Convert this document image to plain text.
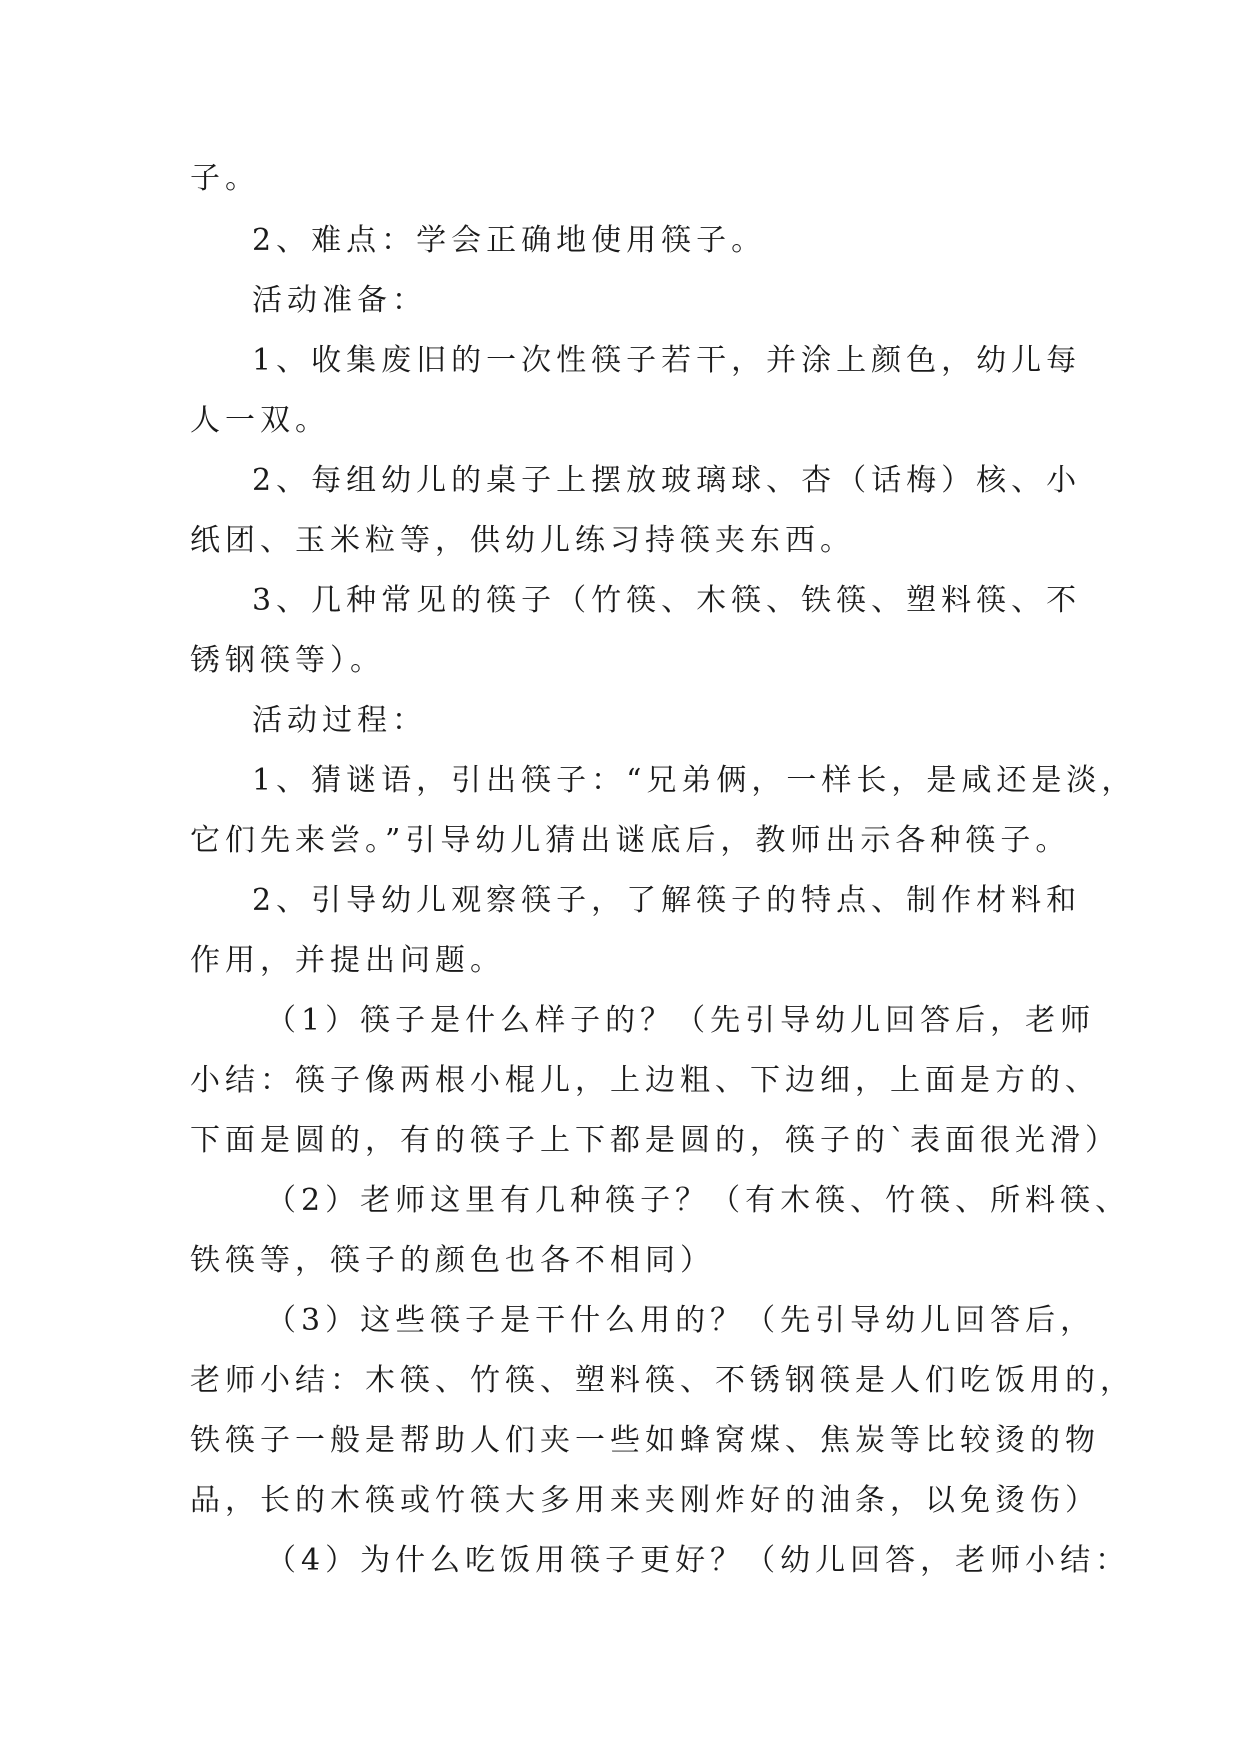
子。

2、难点：学会正确地使用筷子。

活动准备：

1、收集废旧的一次性筷子若干，并涂上颜色，幼儿每

人一双。

2、每组幼儿的桌子上摆放玻璃球、杏（话梅）核、小

纸团、玉米粒等，供幼儿练习持筷夹东西。

3、几种常见的筷子（竹筷、木筷、铁筷、塑料筷、不

锈钢筷等）。

活动过程：

1、猜谜语，引出筷子：“兄弟俩，一样长，是咸还是淡，

它们先来尝。”引导幼儿猜出谜底后，教师出示各种筷子。

2、引导幼儿观察筷子，了解筷子的特点、制作材料和

作用，并提出问题。

（1）筷子是什么样子的？（先引导幼儿回答后，老师

小结：筷子像两根小棍儿，上边粗、下边细，上面是方的、

下面是圆的，有的筷子上下都是圆的，筷子的`表面很光滑）

（2）老师这里有几种筷子？（有木筷、竹筷、所料筷、

铁筷等，筷子的颜色也各不相同）

（3）这些筷子是干什么用的？（先引导幼儿回答后，

老师小结：木筷、竹筷、塑料筷、不锈钢筷是人们吃饭用的，

铁筷子一般是帮助人们夹一些如蜂窝煤、焦炭等比较烫的物

品，长的木筷或竹筷大多用来夹刚炸好的油条，以免烫伤）

（4）为什么吃饭用筷子更好？（幼儿回答，老师小结：
